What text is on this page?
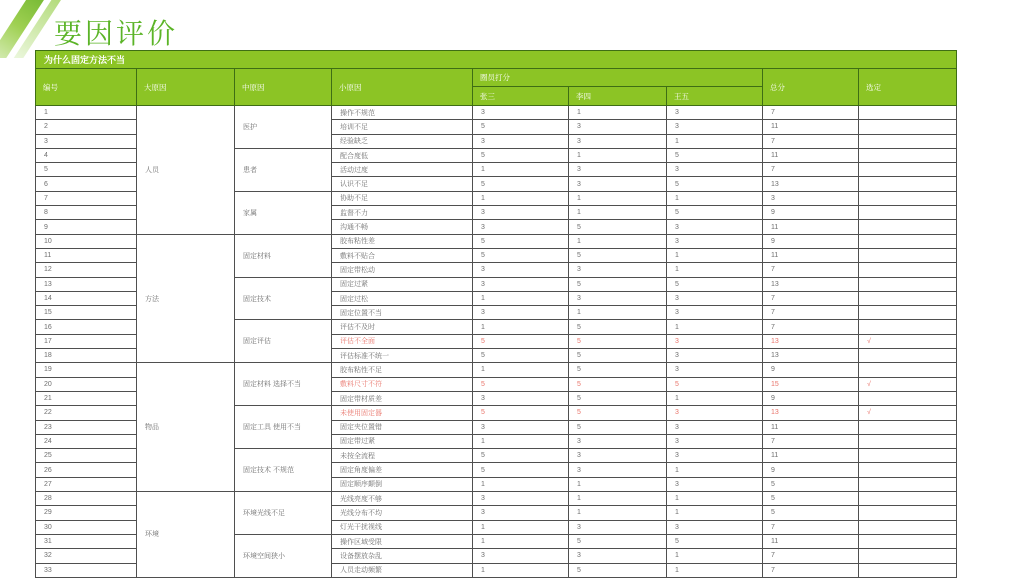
要因评价
为什么固定方法不当								
编号	大原因	中原因	小原因	圈员打分			总分	选定
				张三	李四	王五		
1	人员	医护	操作不规范	3	1	3	7	
2			培训不足	5	3	3	11	
3			经验缺乏	3	3	1	7	
4		患者	配合度低	5	1	5	11	
5			活动过度	1	3	3	7	
6			认识不足	5	3	5	13	
7		家属	协助不足	1	1	1	3	
8			监督不力	3	1	5	9	
9			沟通不畅	3	5	3	11	
10	方法	固定材料	胶布粘性差	5	1	3	9	
11			敷料不贴合	5	5	1	11	
12			固定带松动	3	3	1	7	
13		固定技术	固定过紧	3	5	5	13	
14			固定过松	1	3	3	7	
15			固定位置不当	3	1	3	7	
16		固定评估	评估不及时	1	5	1	7	
17			评估不全面	5	5	3	13	√
18			评估标准不统一	5	5	3	13	
19	物品	固定材料 选择不当	胶布粘性不足	1	5	3	9	
20			敷料尺寸不符	5	5	5	15	√
21			固定带材质差	3	5	1	9	
22		固定工具 使用不当	未使用固定器	5	5	3	13	√
23			固定夹位置错	3	5	3	11	
24			固定带过紧	1	3	3	7	
25		固定技术 不规范	未按全流程	5	3	3	11	
26			固定角度偏差	5	3	1	9	
27			固定顺序颠倒	1	1	3	5	
28	环境	环境光线不足	光线亮度不够	3	1	1	5	
29			光线分布不均	3	1	1	5	
30			灯光干扰视线	1	3	3	7	
31		环境空间狭小	操作区域受限	1	5	5	11	
32			设备摆放杂乱	3	3	1	7	
33			人员走动频繁	1	5	1	7	
